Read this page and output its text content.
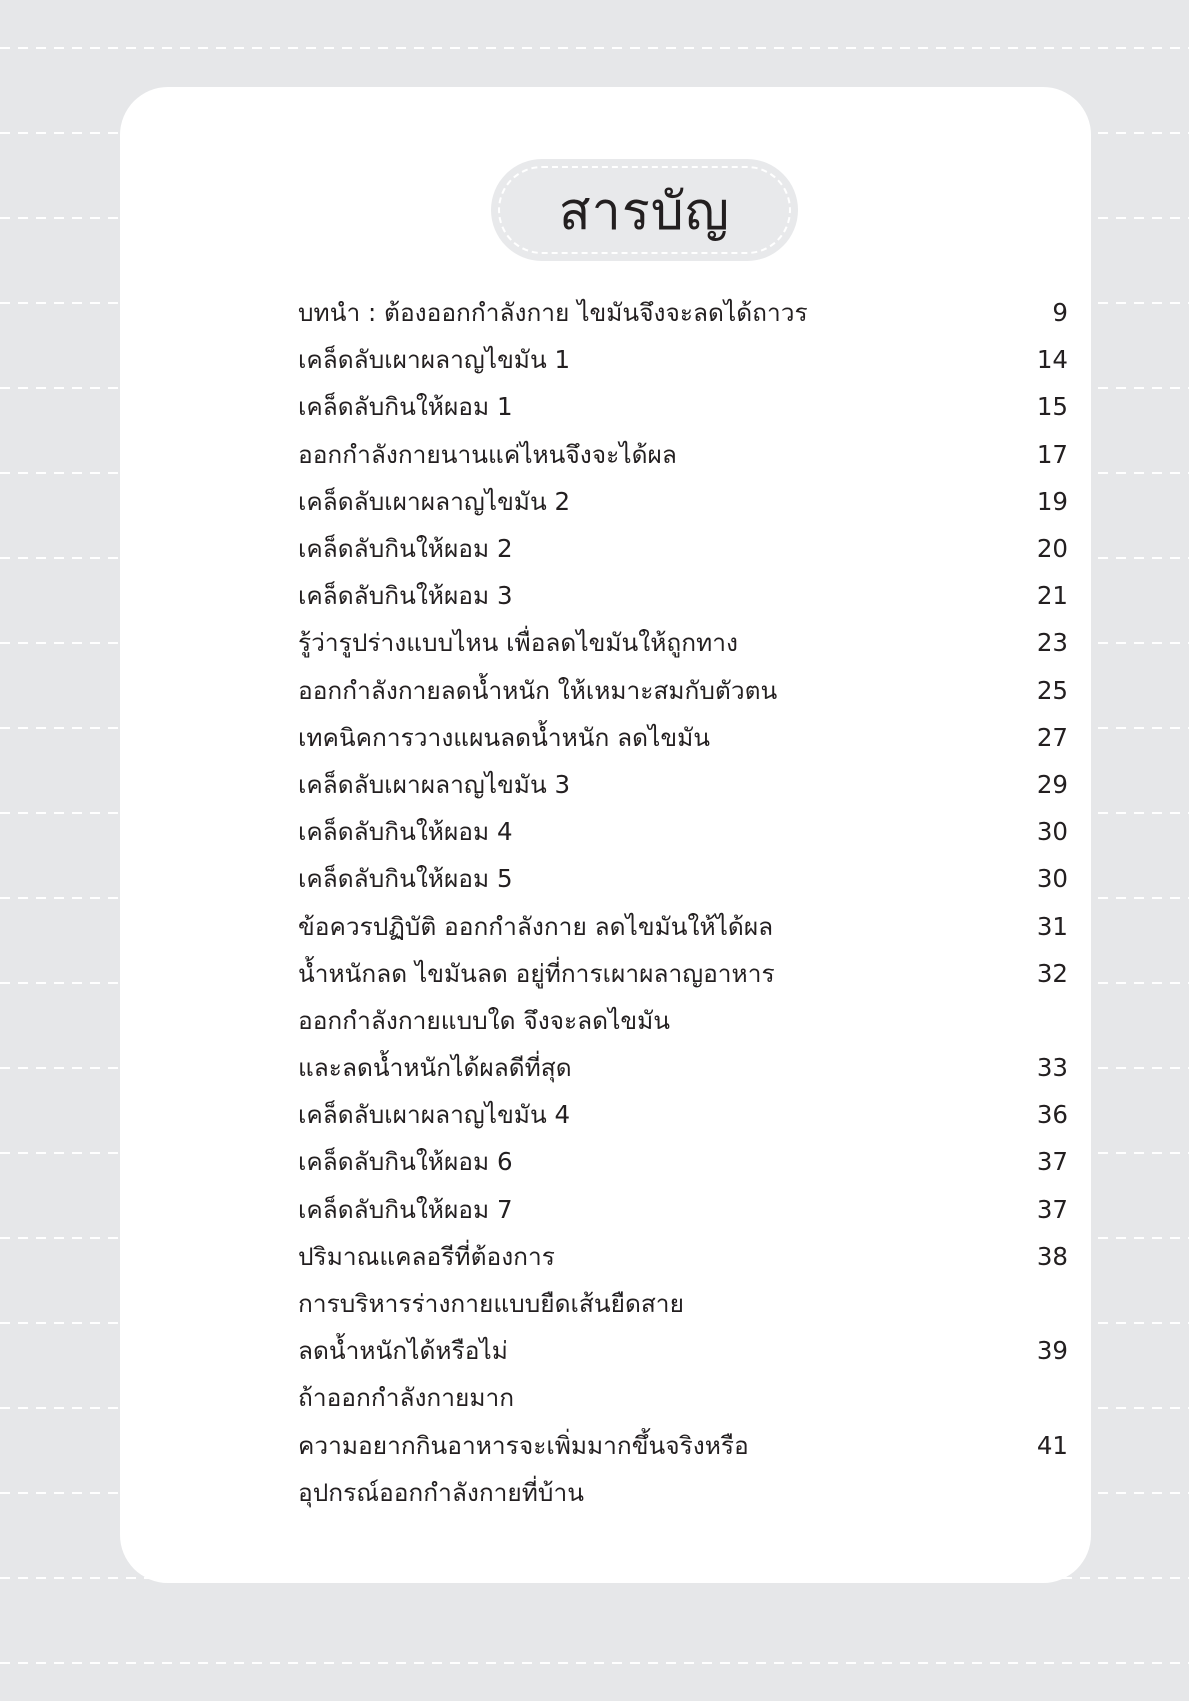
สารบัญ
บทนำ : ต้องออกกำลังกาย ไขมันจึงจะลดได้ถาวร	9
เคล็ดลับเผาผลาญไขมัน 1	14
เคล็ดลับกินให้ผอม 1	15
ออกกำลังกายนานแค่ไหนจึงจะได้ผล	17
เคล็ดลับเผาผลาญไขมัน 2	19
เคล็ดลับกินให้ผอม 2	20
เคล็ดลับกินให้ผอม 3	21
รู้ว่ารูปร่างแบบไหน เพื่อลดไขมันให้ถูกทาง	23
ออกกำลังกายลดน้ำหนัก ให้เหมาะสมกับตัวตน	25
เทคนิคการวางแผนลดน้ำหนัก ลดไขมัน	27
เคล็ดลับเผาผลาญไขมัน 3	29
เคล็ดลับกินให้ผอม 4	30
เคล็ดลับกินให้ผอม 5	30
ข้อควรปฏิบัติ ออกกำลังกาย ลดไขมันให้ได้ผล	31
น้ำหนักลด ไขมันลด อยู่ที่การเผาผลาญอาหาร	32
ออกกำลังกายแบบใด จึงจะลดไขมัน
และลดน้ำหนักได้ผลดีที่สุด	33
เคล็ดลับเผาผลาญไขมัน 4	36
เคล็ดลับกินให้ผอม 6	37
เคล็ดลับกินให้ผอม 7	37
ปริมาณแคลอรีที่ต้องการ	38
การบริหารร่างกายแบบยืดเส้นยืดสาย
ลดน้ำหนักได้หรือไม่	39
ถ้าออกกำลังกายมาก
ความอยากกินอาหารจะเพิ่มมากขึ้นจริงหรือ	41
อุปกรณ์ออกกำลังกายที่บ้าน
